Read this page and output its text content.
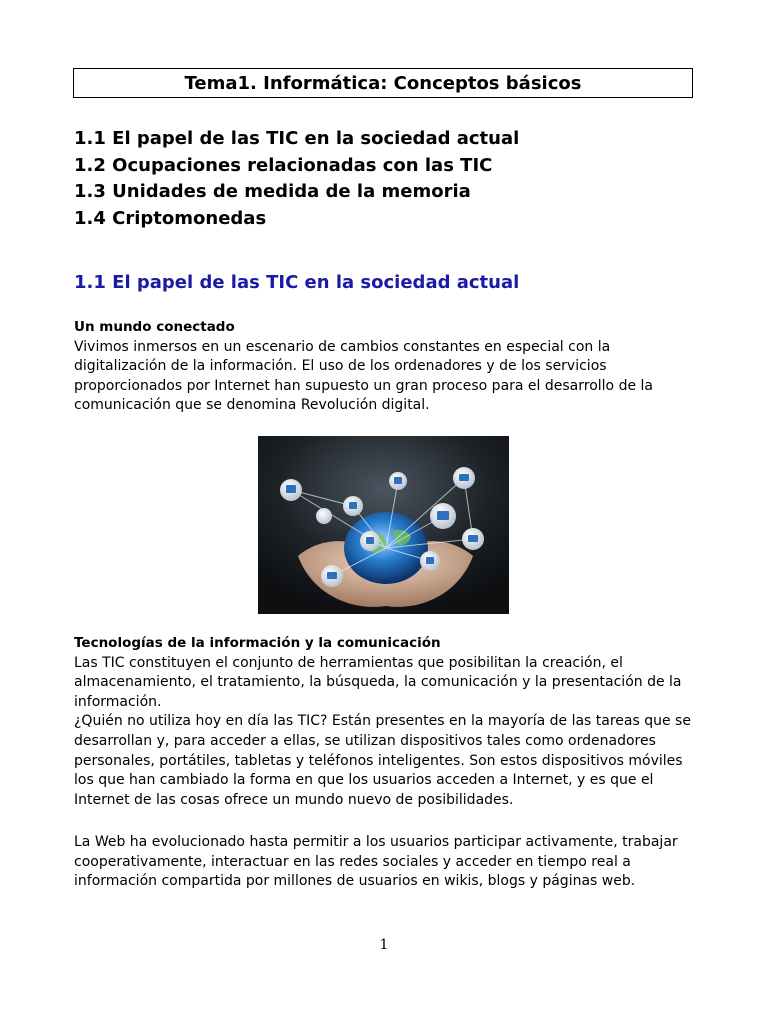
Tema1. Informática: Conceptos básicos
1.1 El papel de las TIC en la sociedad actual
1.2 Ocupaciones relacionadas con las TIC
1.3 Unidades de medida de la memoria
1.4 Criptomonedas
1.1 El papel de las TIC en la sociedad actual
Un mundo conectado

Vivimos inmersos en un escenario de cambios constantes en especial con la digitalización de la información. El uso de los ordenadores y de los servicios proporcionados por Internet han supuesto un gran proceso para el desarrollo de la comunicación que se denomina Revolución digital.

Tecnologías de la información y la comunicación

Las TIC constituyen el conjunto de herramientas que posibilitan la creación, el almacenamiento, el tratamiento, la búsqueda, la comunicación y la presentación de la información.

¿Quién no utiliza hoy en día las TIC? Están presentes en la mayoría de las tareas que se desarrollan y, para acceder a ellas, se utilizan dispositivos tales como ordenadores personales, portátiles, tabletas y teléfonos inteligentes. Son estos dispositivos móviles los que han cambiado la forma en que los usuarios acceden a Internet, y es que el Internet de las cosas ofrece un mundo nuevo de posibilidades.

La Web ha evolucionado hasta permitir a los usuarios participar activamente, trabajar cooperativamente, interactuar en las redes sociales y acceder en tiempo real a información compartida por millones de usuarios en wikis, blogs y páginas web.

1
